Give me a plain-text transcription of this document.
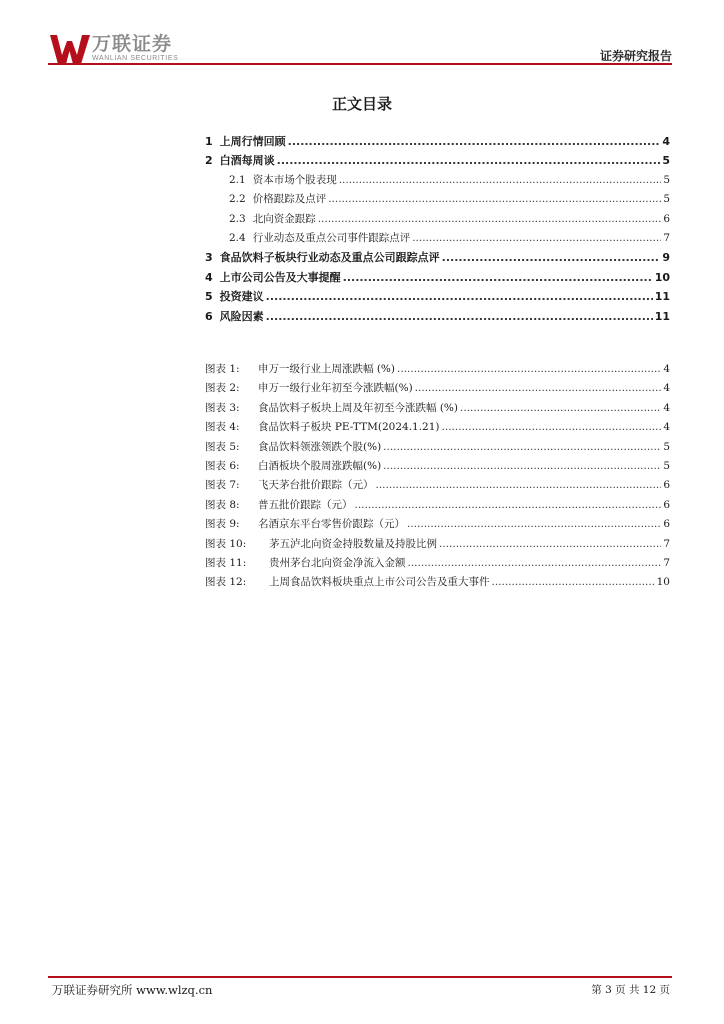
万联证券
WANLIAN SECURITIES	证券研究报告
正文目录
1 上周行情回顾 .....	4
2 白酒每周谈 .....	5
2.1 资本市场个股表现 .....	5
2.2 价格跟踪及点评 .....	5
2.3 北向资金跟踪 .....	6
2.4 行业动态及重点公司事件跟踪点评 .....	7
3 食品饮料子板块行业动态及重点公司跟踪点评 .....	9
4 上市公司公告及大事提醒 .....	10
5 投资建议 .....	11
6 风险因素 .....	11
图表 1:	申万一级行业上周涨跌幅 (%) .....	4
图表 2:	申万一级行业年初至今涨跌幅(%) .....	4
图表 3:	食品饮料子板块上周及年初至今涨跌幅 (%) .....	4
图表 4:	食品饮料子板块 PE-TTM(2024.1.21) .....	4
图表 5:	食品饮料领涨领跌个股(%) .....	5
图表 6:	白酒板块个股周涨跌幅(%) .....	5
图表 7:	飞天茅台批价跟踪（元） .....	6
图表 8:	普五批价跟踪（元） .....	6
图表 9:	名酒京东平台零售价跟踪（元） .....	6
图表 10:	茅五泸北向资金持股数量及持股比例 .....	7
图表 11:	贵州茅台北向资金净流入金额 .....	7
图表 12:	上周食品饮料板块重点上市公司公告及重大事件 .....	10
万联证券研究所 www.wlzq.cn	第 3 页 共 12 页
